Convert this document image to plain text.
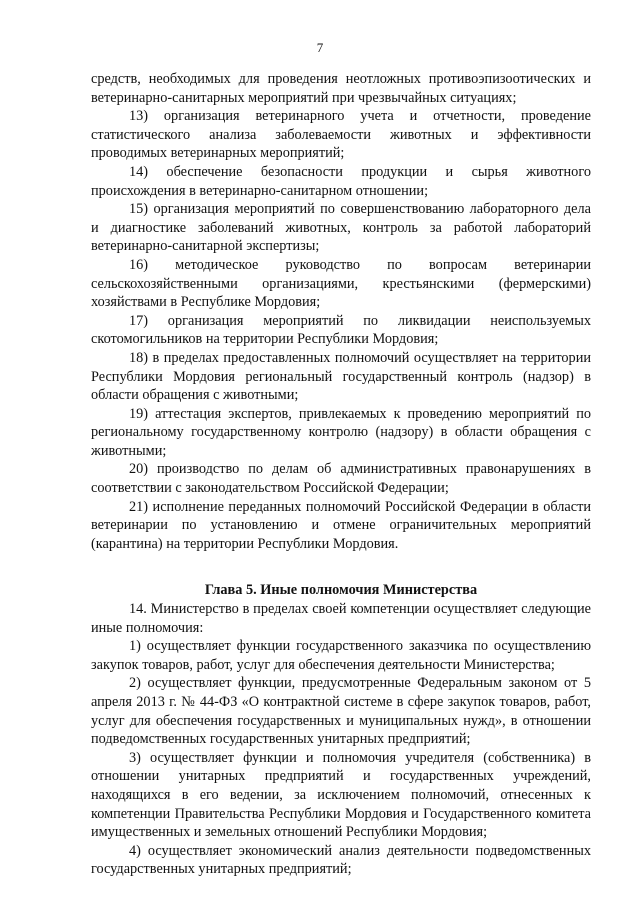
7

средств, необходимых для проведения неотложных противоэпизоотических и ветеринарно-санитарных мероприятий при чрезвычайных ситуациях;

13) организация ветеринарного учета и отчетности, проведение статистического анализа заболеваемости животных и эффективности проводимых ветеринарных мероприятий;

14) обеспечение безопасности продукции и сырья животного происхождения в ветеринарно-санитарном отношении;

15) организация мероприятий по совершенствованию лабораторного дела и диагностике заболеваний животных, контроль за работой лабораторий ветеринарно-санитарной экспертизы;

16) методическое руководство по вопросам ветеринарии сельскохозяйственными организациями, крестьянскими (фермерскими) хозяйствами в Республике Мордовия;

17) организация мероприятий по ликвидации неиспользуемых скотомогильников на территории Республики Мордовия;

18) в пределах предоставленных полномочий осуществляет на территории Республики Мордовия региональный государственный контроль (надзор) в области обращения с животными;

19) аттестация экспертов, привлекаемых к проведению мероприятий по региональному государственному контролю (надзору) в области обращения с животными;

20) производство по делам об административных правонарушениях в соответствии с законодательством Российской Федерации;

21) исполнение переданных полномочий Российской Федерации в области ветеринарии по установлению и отмене ограничительных мероприятий (карантина) на территории Республики Мордовия.

Глава 5. Иные полномочия Министерства

14. Министерство в пределах своей компетенции осуществляет следующие иные полномочия:

1) осуществляет функции государственного заказчика по осуществлению закупок товаров, работ, услуг для обеспечения деятельности Министерства;

2) осуществляет функции, предусмотренные Федеральным законом от 5 апреля 2013 г. № 44-ФЗ «О контрактной системе в сфере закупок товаров, работ, услуг для обеспечения государственных и муниципальных нужд», в отношении подведомственных государственных унитарных предприятий;

3) осуществляет функции и полномочия учредителя (собственника) в отношении унитарных предприятий и государственных учреждений, находящихся в его ведении, за исключением полномочий, отнесенных к компетенции Правительства Республики Мордовия и Государственного комитета имущественных и земельных отношений Республики Мордовия;

4) осуществляет экономический анализ деятельности подведомственных государственных унитарных предприятий;
